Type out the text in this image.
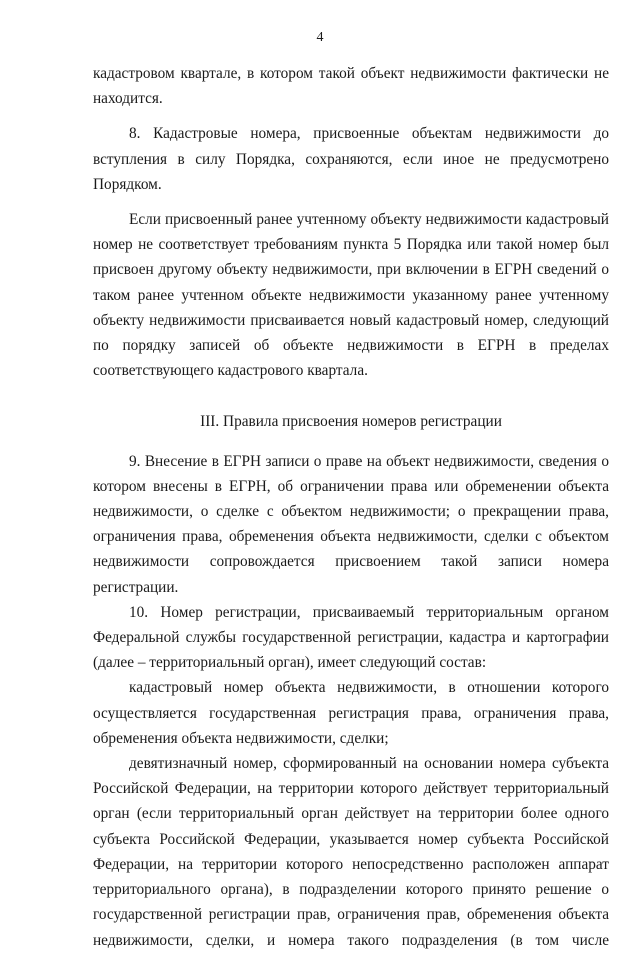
4

кадастровом квартале, в котором такой объект недвижимости фактически не находится.

8. Кадастровые номера, присвоенные объектам недвижимости до вступления в силу Порядка, сохраняются, если иное не предусмотрено Порядком.

Если присвоенный ранее учтенному объекту недвижимости кадастровый номер не соответствует требованиям пункта 5 Порядка или такой номер был присвоен другому объекту недвижимости, при включении в ЕГРН сведений о таком ранее учтенном объекте недвижимости указанному ранее учтенному объекту недвижимости присваивается новый кадастровый номер, следующий по порядку записей об объекте недвижимости в ЕГРН в пределах соответствующего кадастрового квартала.

III. Правила присвоения номеров регистрации

9. Внесение в ЕГРН записи о праве на объект недвижимости, сведения о котором внесены в ЕГРН, об ограничении права или обременении объекта недвижимости, о сделке с объектом недвижимости; о прекращении права, ограничения права, обременения объекта недвижимости, сделки с объектом недвижимости сопровождается присвоением такой записи номера регистрации.

10. Номер регистрации, присваиваемый территориальным органом Федеральной службы государственной регистрации, кадастра и картографии (далее – территориальный орган), имеет следующий состав:

кадастровый номер объекта недвижимости, в отношении которого осуществляется государственная регистрация права, ограничения права, обременения объекта недвижимости, сделки;

девятизначный номер, сформированный на основании номера субъекта Российской Федерации, на территории которого действует территориальный орган (если территориальный орган действует на территории более одного субъекта Российской Федерации, указывается номер субъекта Российской Федерации, на территории которого непосредственно расположен аппарат территориального органа), в подразделении которого принято решение о государственной регистрации прав, ограничения прав, обременения объекта недвижимости, сделки, и номера такого подразделения (в том числе
